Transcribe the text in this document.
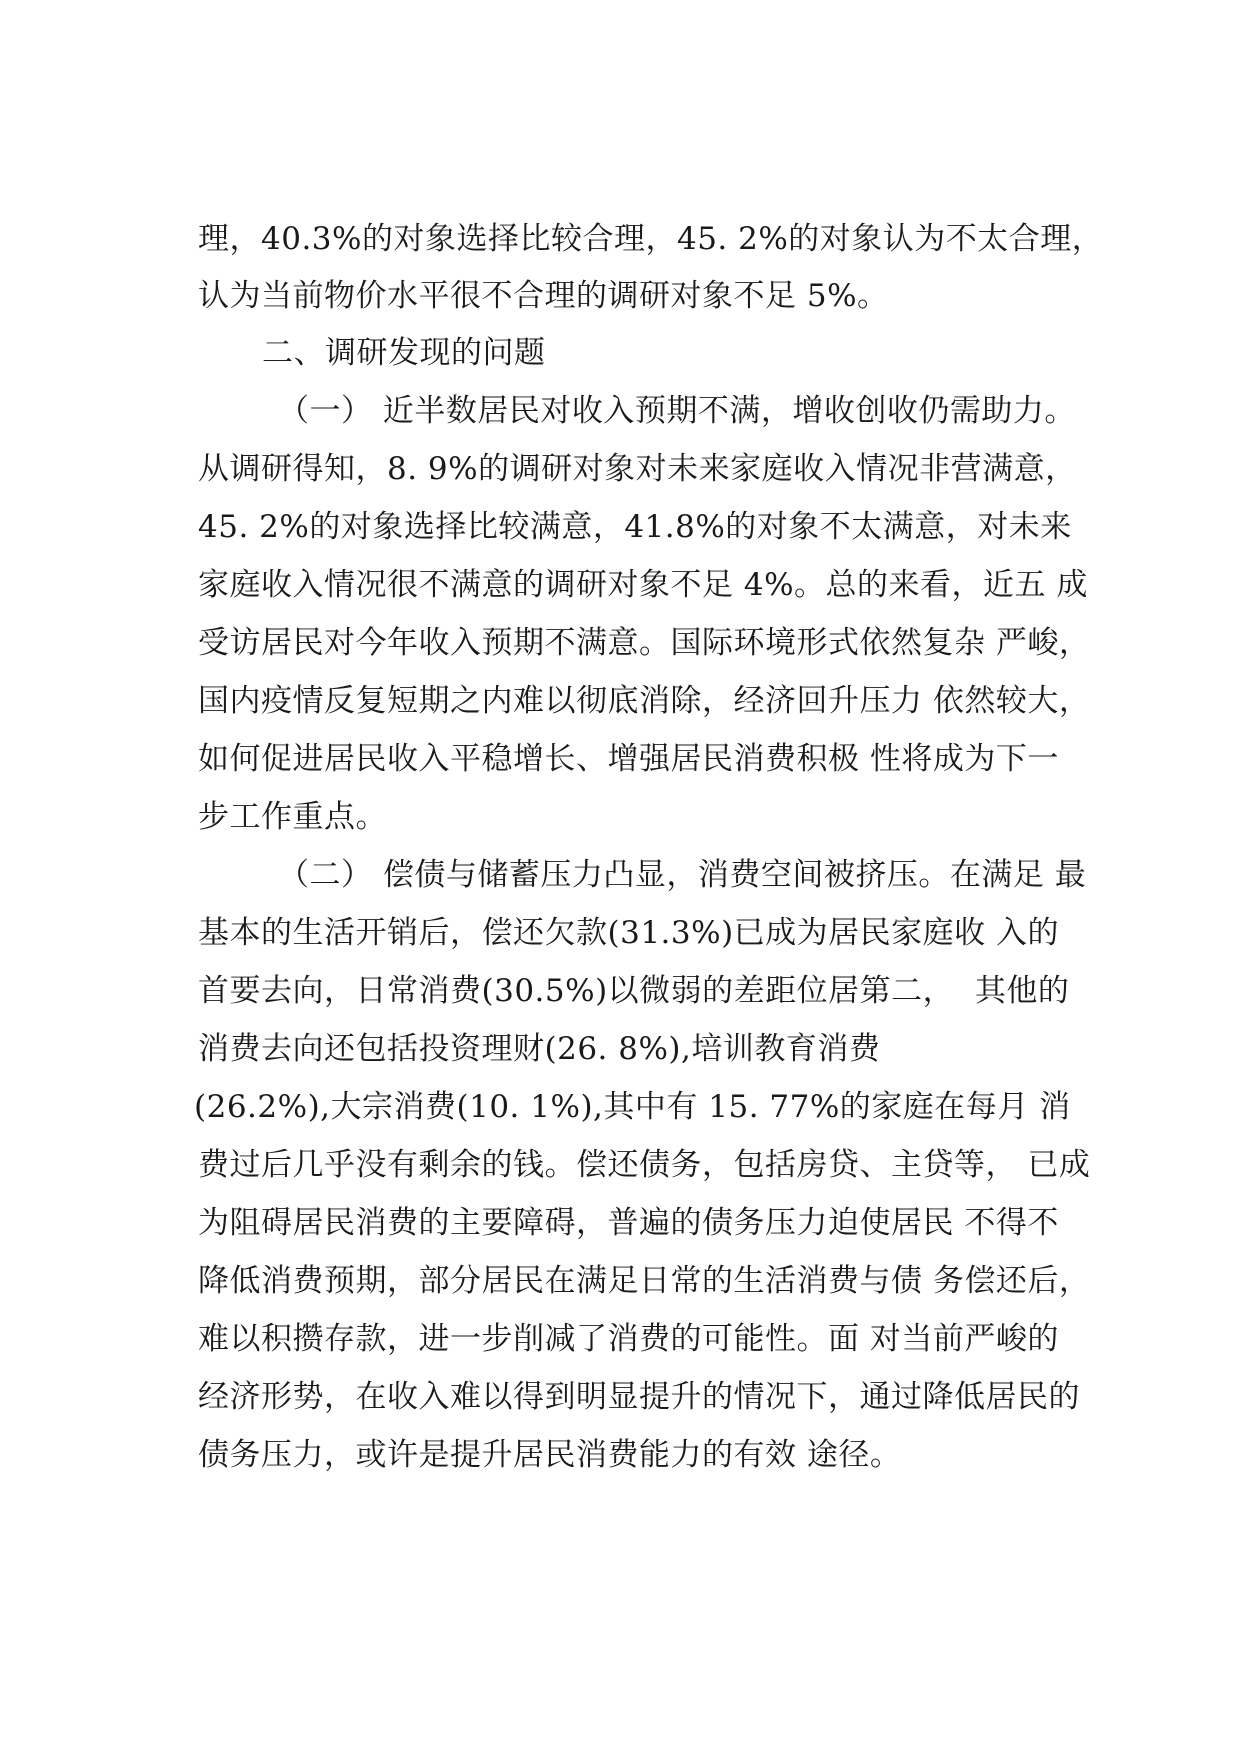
理，40.3%的对象选择比较合理，45. 2%的对象认为不太合理，
认为当前物价水平很不合理的调研对象不足 5%。
二、调研发现的问题
（一） 近半数居民对收入预期不满，增收创收仍需助力。
从调研得知，8. 9%的调研对象对未来家庭收入情况非营满意，
45. 2%的对象选择比较满意，41.8%的对象不太满意，对未来
家庭收入情况很不满意的调研对象不足 4%。总的来看，近五 成
受访居民对今年收入预期不满意。国际环境形式依然复杂 严峻，
国内疫情反复短期之内难以彻底消除，经济回升压力 依然较大，
如何促进居民收入平稳增长、增强居民消费积极 性将成为下一
步工作重点。
（二） 偿债与储蓄压力凸显，消费空间被挤压。在满足 最
基本的生活开销后，偿还欠款(31.3%)已成为居民家庭收 入的
首要去向，日常消费(30.5%)以微弱的差距位居第二，  其他的
消费去向还包括投资理财(26. 8%),培训教育消费
(26.2%),大宗消费(10. 1%),其中有 15. 77%的家庭在每月 消
费过后几乎没有剩余的钱。偿还债务，包括房贷、主贷等， 已成
为阻碍居民消费的主要障碍，普遍的债务压力迫使居民 不得不
降低消费预期，部分居民在满足日常的生活消费与债 务偿还后，
难以积攒存款，进一步削减了消费的可能性。面 对当前严峻的
经济形势，在收入难以得到明显提升的情况下，通过降低居民的
债务压力，或许是提升居民消费能力的有效 途径。
